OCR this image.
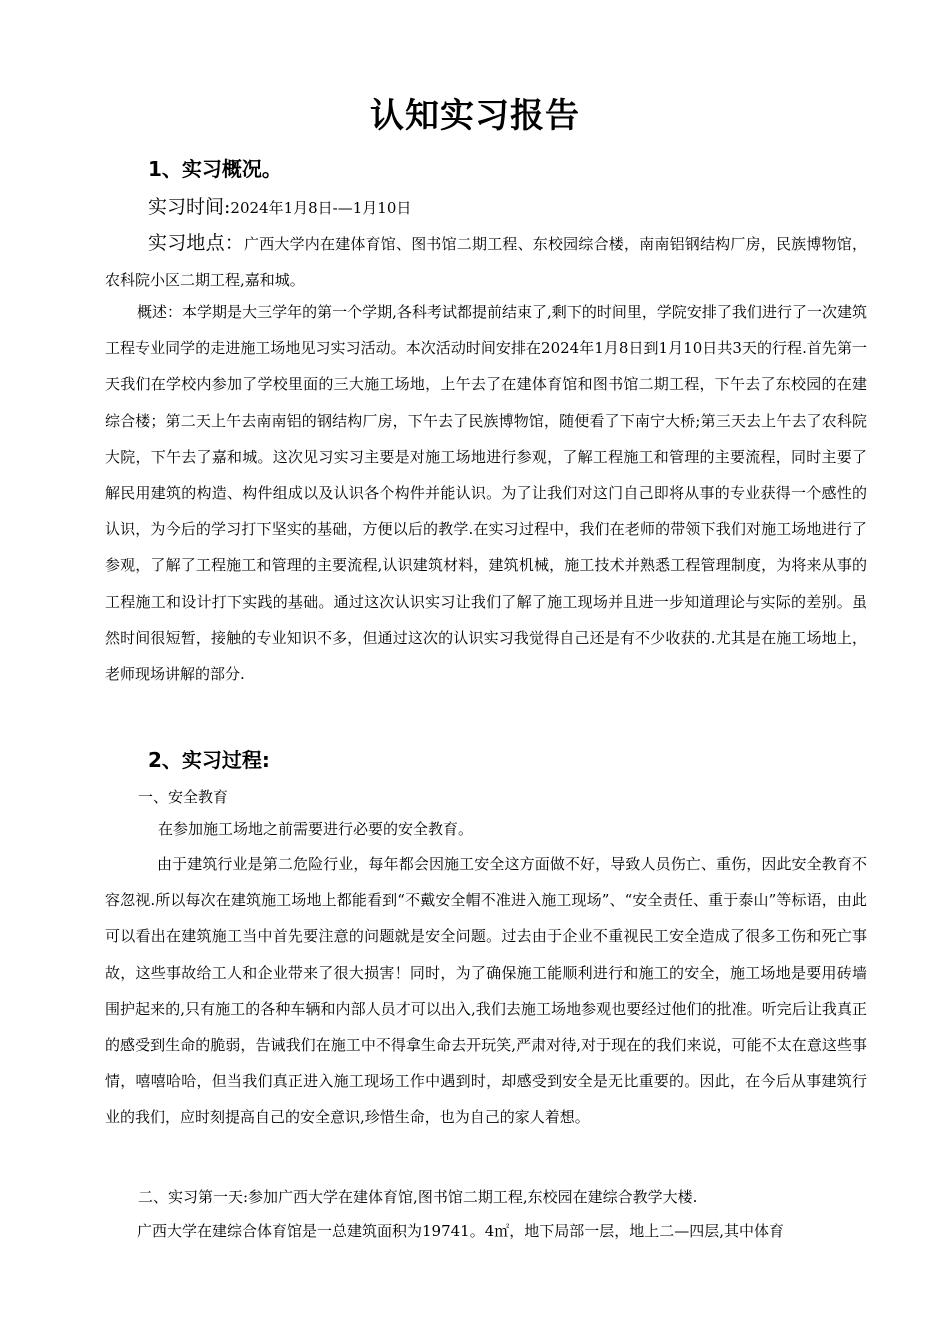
认知实习报告
1、实习概况。
实习时间:2024年1月8日-—1月10日

实习地点：广西大学内在建体育馆、图书馆二期工程、东校园综合楼，南南铝钢结构厂房，民族博物馆，农科院小区二期工程,嘉和城。

概述：本学期是大三学年的第一个学期,各科考试都提前结束了,剩下的时间里，学院安排了我们进行了一次建筑工程专业同学的走进施工场地见习实习活动。本次活动时间安排在2024年1月8日到1月10日共3天的行程.首先第一天我们在学校内参加了学校里面的三大施工场地，上午去了在建体育馆和图书馆二期工程，下午去了东校园的在建综合楼；第二天上午去南南铝的钢结构厂房，下午去了民族博物馆，随便看了下南宁大桥;第三天去上午去了农科院大院，下午去了嘉和城。这次见习实习主要是对施工场地进行参观，了解工程施工和管理的主要流程，同时主要了解民用建筑的构造、构件组成以及认识各个构件并能认识。为了让我们对这门自己即将从事的专业获得一个感性的认识，为今后的学习打下坚实的基础，方便以后的教学.在实习过程中，我们在老师的带领下我们对施工场地进行了参观，了解了工程施工和管理的主要流程,认识建筑材料，建筑机械，施工技术并熟悉工程管理制度，为将来从事的工程施工和设计打下实践的基础。通过这次认识实习让我们了解了施工现场并且进一步知道理论与实际的差别。虽然时间很短暂，接触的专业知识不多，但通过这次的认识实习我觉得自己还是有不少收获的.尤其是在施工场地上，老师现场讲解的部分.

2、实习过程:
一、安全教育
在参加施工场地之前需要进行必要的安全教育。

由于建筑行业是第二危险行业，每年都会因施工安全这方面做不好，导致人员伤亡、重伤，因此安全教育不容忽视.所以每次在建筑施工场地上都能看到“不戴安全帽不准进入施工现场”、“安全责任、重于泰山”等标语，由此可以看出在建筑施工当中首先要注意的问题就是安全问题。过去由于企业不重视民工安全造成了很多工伤和死亡事故，这些事故给工人和企业带来了很大损害！同时，为了确保施工能顺利进行和施工的安全，施工场地是要用砖墙围护起来的,只有施工的各种车辆和内部人员才可以出入,我们去施工场地参观也要经过他们的批准。听完后让我真正的感受到生命的脆弱，告诫我们在施工中不得拿生命去开玩笑,严肃对待,对于现在的我们来说，可能不太在意这些事情，嘻嘻哈哈，但当我们真正进入施工现场工作中遇到时，却感受到安全是无比重要的。因此，在今后从事建筑行业的我们，应时刻提高自己的安全意识,珍惜生命，也为自己的家人着想。

二、实习第一天:参加广西大学在建体育馆,图书馆二期工程,东校园在建综合教学大楼.

广西大学在建综合体育馆是一总建筑面积为19741。4㎡，地下局部一层，地上二—四层,其中体育
